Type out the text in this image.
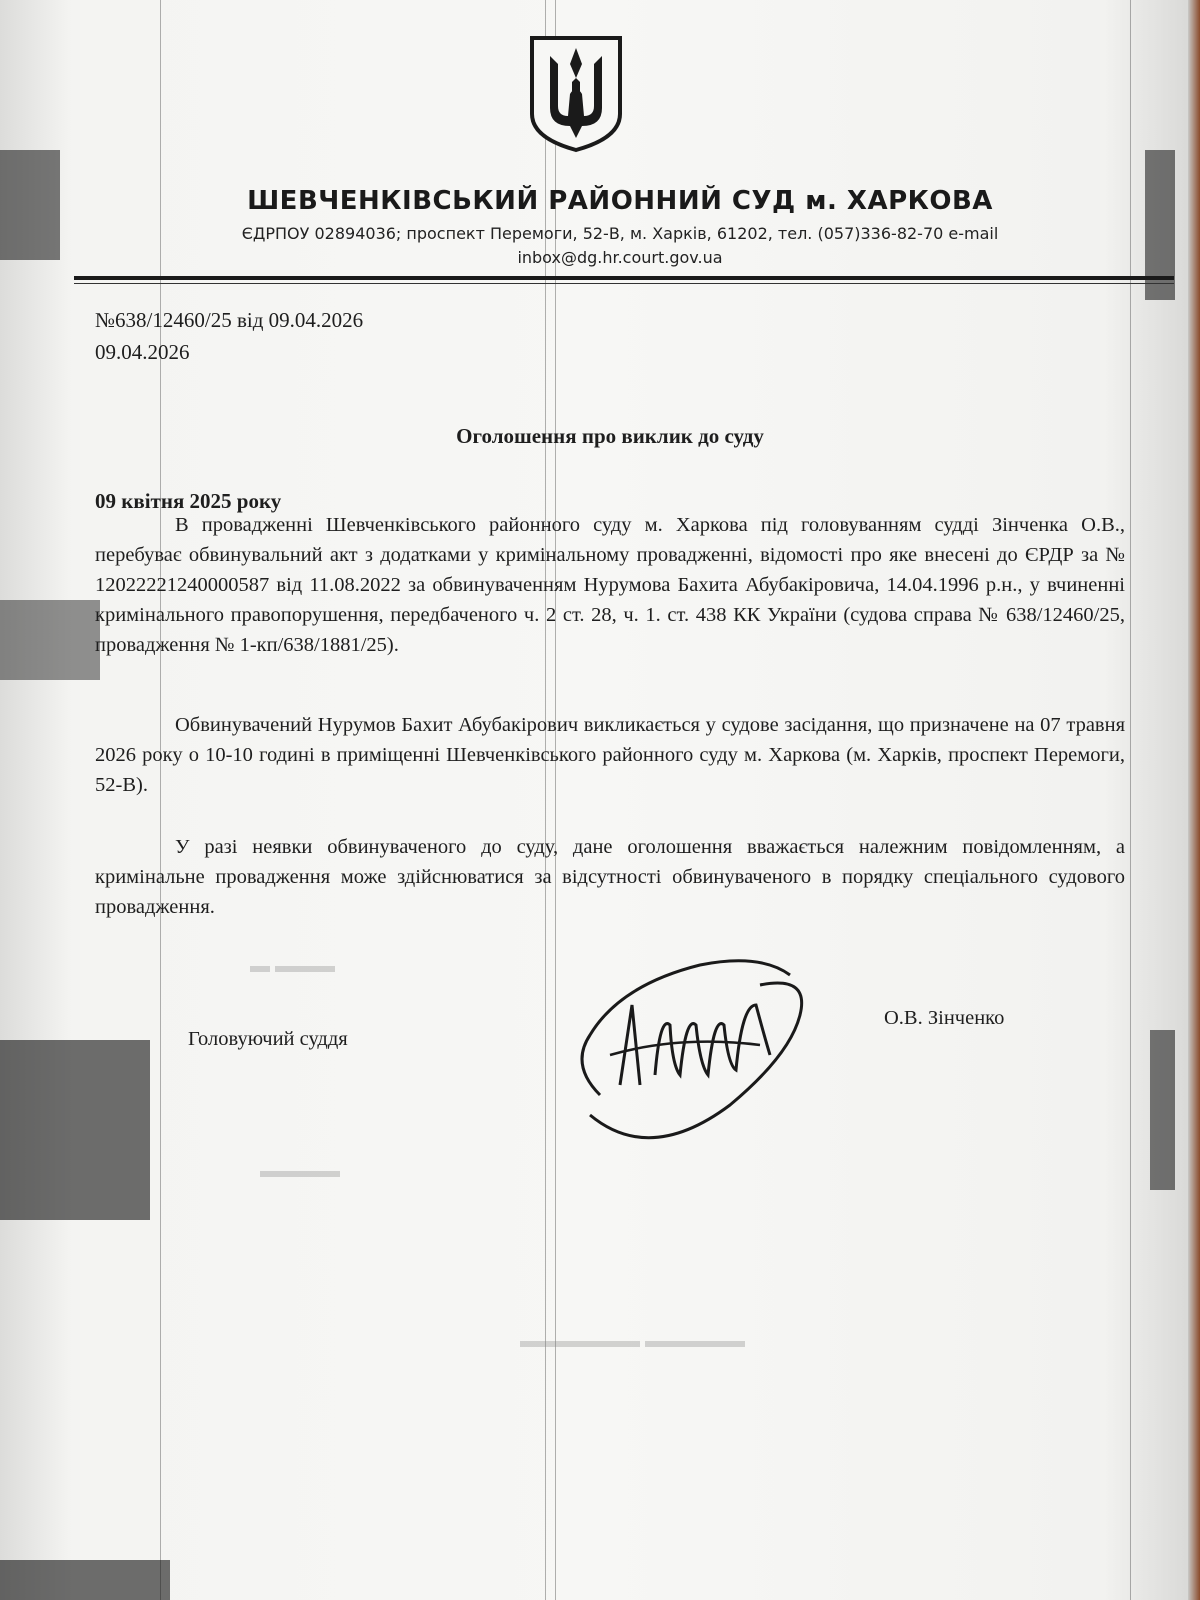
▬ ▬▬▬
▬▬▬▬
▬▬▬▬▬▬ ▬▬▬▬▬
ШЕВЧЕНКІВСЬКИЙ РАЙОННИЙ СУД м. ХАРКОВА
ЄДРПОУ 02894036; проспект Перемоги, 52-В, м. Харків, 61202, тел. (057)336-82-70 e-mail
inbox@dg.hr.court.gov.ua
№638/12460/25 від 09.04.2026
09.04.2026
Оголошення про виклик до суду
09 квітня 2025 року
В провадженні Шевченківського районного суду м. Харкова під головуванням судді Зінченка О.В., перебуває обвинувальний акт з додатками у кримінальному провадженні, відомості про яке внесені до ЄРДР за № 12022221240000587 від 11.08.2022 за обвинуваченням Нурумова Бахита Абубакіровича, 14.04.1996 р.н., у вчиненні кримінального правопорушення, передбаченого ч. 2 ст. 28, ч. 1. ст. 438 КК України (судова справа № 638/12460/25, провадження № 1-кп/638/1881/25).
Обвинувачений Нурумов Бахит Абубакірович викликається у судове засідання, що призначене на 07 травня 2026 року о 10-10 годині в приміщенні Шевченківського районного суду м. Харкова (м. Харків, проспект Перемоги, 52-В).
У разі неявки обвинуваченого до суду, дане оголошення вважається належним повідомленням, а кримінальне провадження може здійснюватися за відсутності обвинуваченого в порядку спеціального судового провадження.
Головуючий суддя
О.В. Зінченко
